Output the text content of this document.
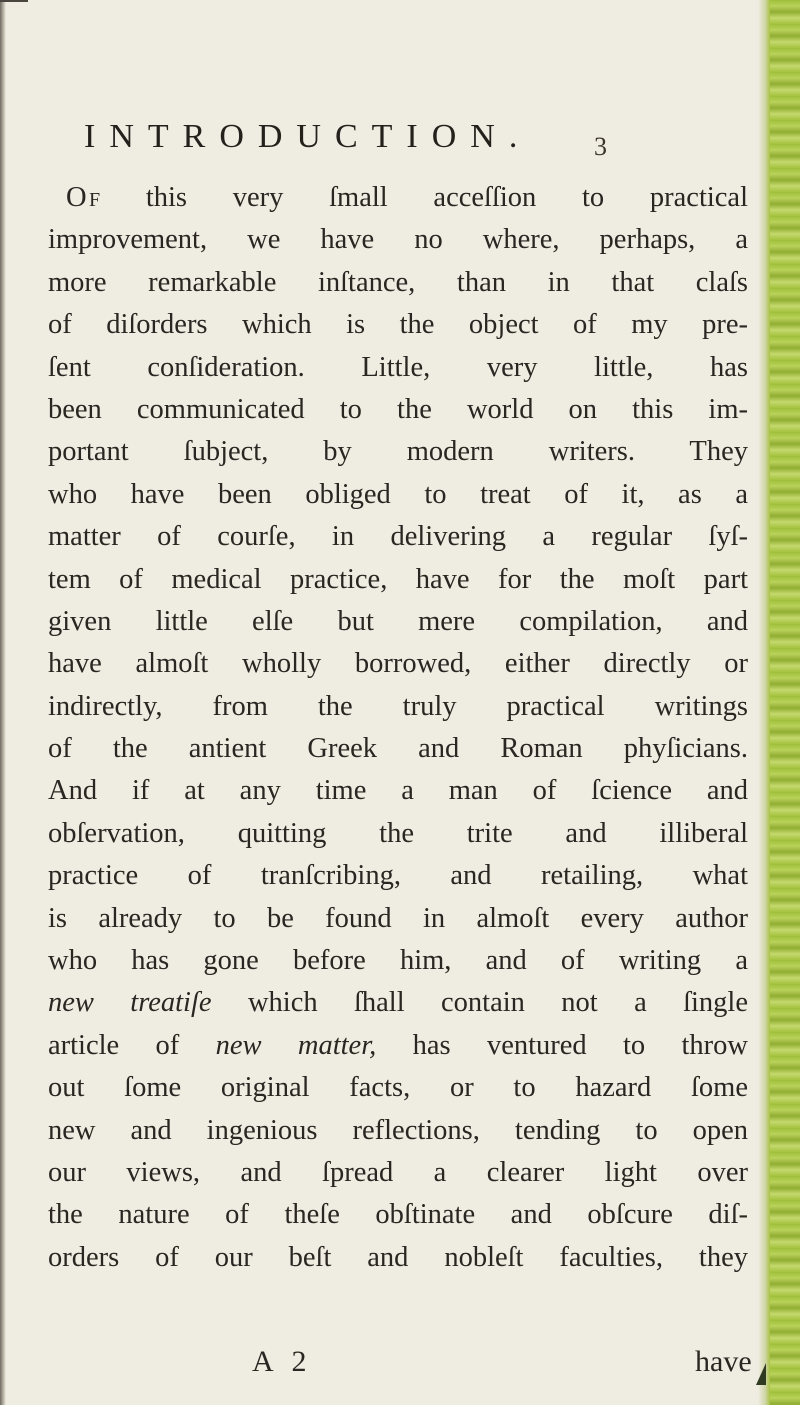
INTRODUCTION. 3
O f this very ſmall acceſſion to practical
improvement, we have no where, perhaps, a
more remarkable inſtance, than in that claſs
of diſorders which is the object of my pre-
ſent conſideration. Little, very little, has
been communicated to the world on this im-
portant ſubject, by modern writers. They
who have been obliged to treat of it, as a
matter of courſe, in delivering a regular ſyſ-
tem of medical practice, have for the moſt part
given little elſe but mere compilation, and
have almoſt wholly borrowed, either directly or
indirectly, from the truly practical writings
of the antient Greek and Roman phyſicians.
And if at any time a man of ſcience and
obſervation, quitting the trite and illiberal
practice of tranſcribing, and retailing, what
is already to be found in almoſt every author
who has gone before him, and of writing a
new treatiſe which ſhall contain not a ſingle
article of new matter, has ventured to throw
out ſome original facts, or to hazard ſome
new and ingenious reflections, tending to open
our views, and ſpread a clearer light over
the nature of theſe obſtinate and obſcure diſ-
orders of our beſt and nobleſt faculties, they
A 2	have
